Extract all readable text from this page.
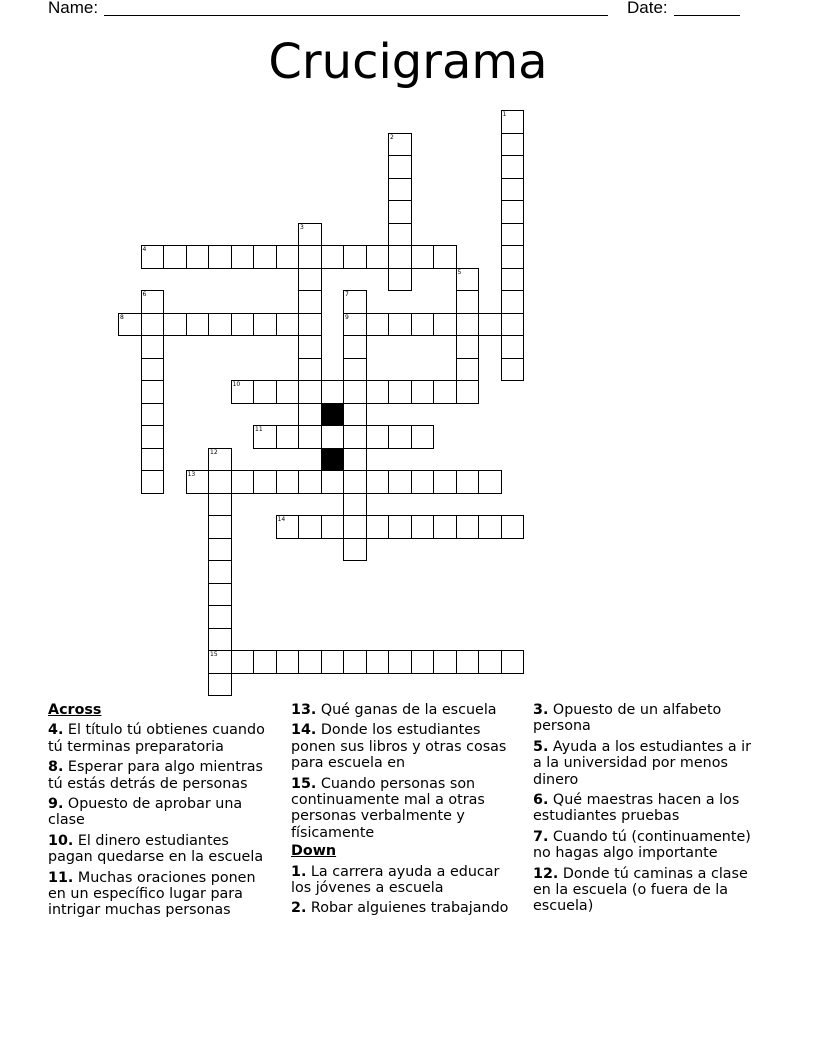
Name:	Date:
Crucigrama
1
2
3
4
5
6	7
9
8
10
11
12
15
13
14
Across
4. El título tú obtienes cuando tú terminas preparatoria
8. Esperar para algo mientras tú estás detrás de personas
9. Opuesto de aprobar una clase
10. El dinero estudiantes pagan quedarse en la escuela
11. Muchas oraciones ponen en un específico lugar para intrigar muchas personas
13. Qué ganas de la escuela
14. Donde los estudiantes ponen sus libros y otras cosas para escuela en
15. Cuando personas son continuamente mal a otras personas verbalmente y físicamente
Down
1. La carrera ayuda a educar los jóvenes a escuela
2. Robar alguienes trabajando
3. Opuesto de un alfabeto persona
5. Ayuda a los estudiantes a ir a la universidad por menos dinero
6. Qué maestras hacen a los estudiantes pruebas
7. Cuando tú (continuamente) no hagas algo importante
12. Donde tú caminas a clase en la escuela (o fuera de la escuela)
